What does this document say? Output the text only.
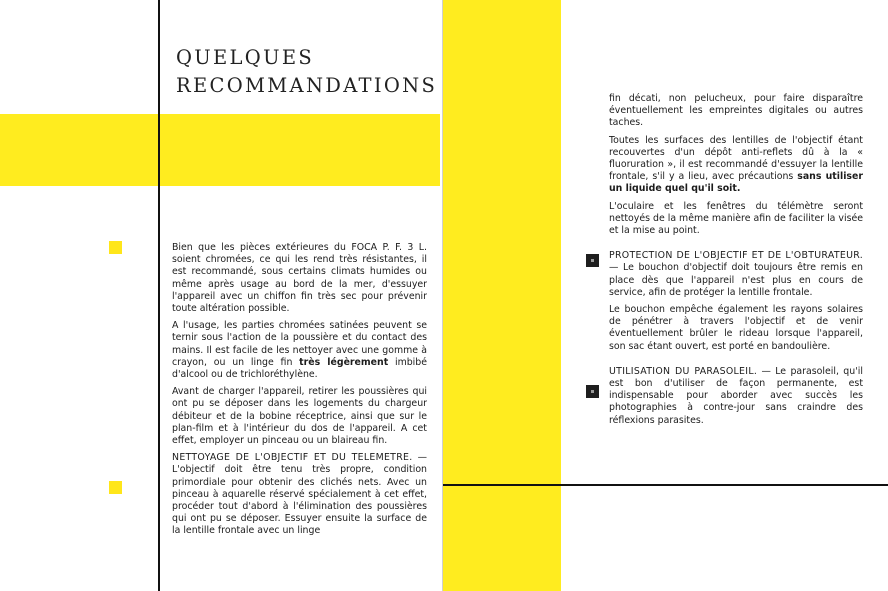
QUELQUES
RECOMMANDATIONS

Bien que les pièces extérieures du FOCA P. F. 3 L. soient chromées, ce qui les rend très résistantes, il est recommandé, sous certains climats humides ou même après usage au bord de la mer, d'essuyer l'appareil avec un chiffon fin très sec pour prévenir toute altération possible.

A l'usage, les parties chromées satinées peuvent se ternir sous l'action de la poussière et du contact des mains. Il est facile de les nettoyer avec une gomme à crayon, ou un linge fin très légèrement imbibé d'alcool ou de trichloréthylène.

Avant de charger l'appareil, retirer les poussières qui ont pu se déposer dans les logements du chargeur débiteur et de la bobine réceptrice, ainsi que sur le plan-film et à l'intérieur du dos de l'appareil. A cet effet, employer un pinceau ou un blaireau fin.

NETTOYAGE DE L'OBJECTIF ET DU TELEMETRE. — L'objectif doit être tenu très propre, condition primordiale pour obtenir des clichés nets. Avec un pinceau à aquarelle réservé spécialement à cet effet, procéder tout d'abord à l'élimination des poussières qui ont pu se déposer. Essuyer ensuite la surface de la lentille frontale avec un linge

fin décati, non pelucheux, pour faire disparaître éventuellement les empreintes digitales ou autres taches.

Toutes les surfaces des lentilles de l'objectif étant recouvertes d'un dépôt anti-reflets dû à la « fluoruration », il est recommandé d'essuyer la lentille frontale, s'il y a lieu, avec précautions sans utiliser un liquide quel qu'il soit.

L'oculaire et les fenêtres du télémètre seront nettoyés de la même manière afin de faciliter la visée et la mise au point.

PROTECTION DE L'OBJECTIF ET DE L'OBTURATEUR. — Le bouchon d'objectif doit toujours être remis en place dès que l'appareil n'est plus en cours de service, afin de protéger la lentille frontale.

Le bouchon empêche également les rayons solaires de pénétrer à travers l'objectif et de venir éventuellement brûler le rideau lorsque l'appareil, son sac étant ouvert, est porté en bandoulière.

UTILISATION DU PARASOLEIL. — Le parasoleil, qu'il est bon d'utiliser de façon permanente, est indispensable pour aborder avec succès les photographies à contre-jour sans craindre des réflexions parasites.
